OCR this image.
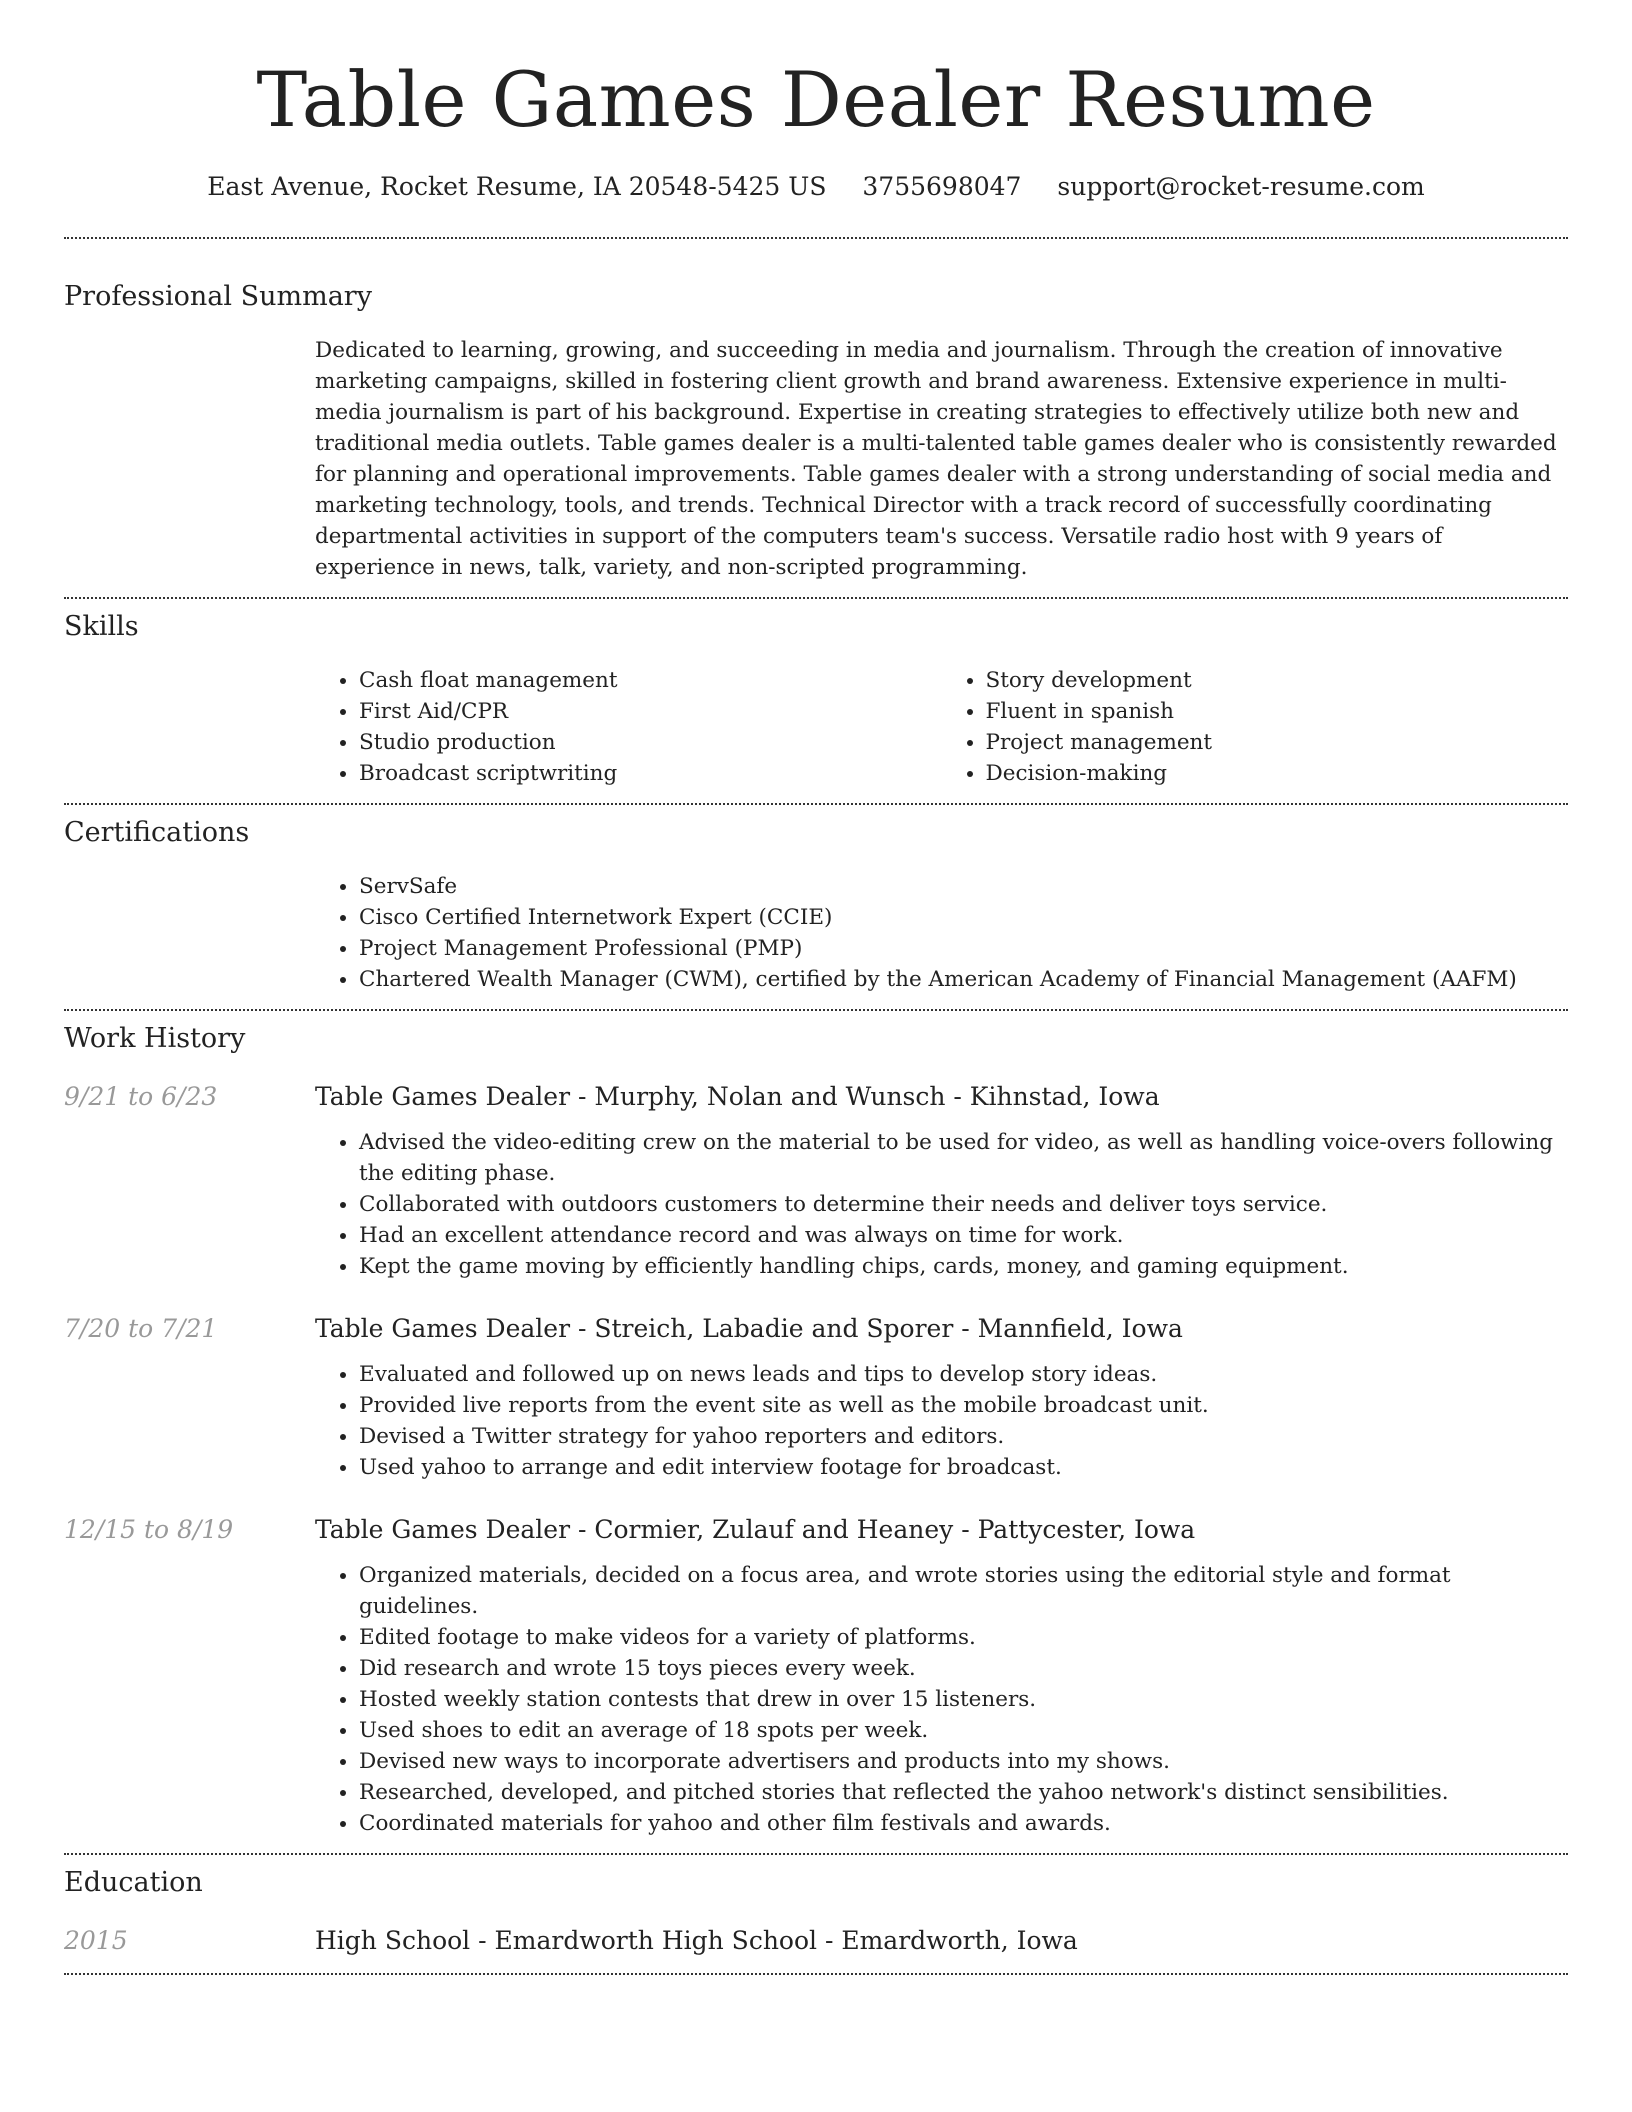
Table Games Dealer Resume
East Avenue, Rocket Resume, IA 20548-5425 US 3755698047 support@rocket-resume.com
Professional Summary

Dedicated to learning, growing, and succeeding in media and journalism. Through the creation of innovative marketing campaigns, skilled in fostering client growth and brand awareness. Extensive experience in multi-media journalism is part of his background. Expertise in creating strategies to effectively utilize both new and traditional media outlets. Table games dealer is a multi-talented table games dealer who is consistently rewarded for planning and operational improvements. Table games dealer with a strong understanding of social media and marketing technology, tools, and trends. Technical Director with a track record of successfully coordinating departmental activities in support of the computers team's success. Versatile radio host with 9 years of experience in news, talk, variety, and non-scripted programming.

Skills
• Cash float management
• First Aid/CPR
• Studio production
• Broadcast scriptwriting
• Story development
• Fluent in spanish
• Project management
• Decision-making
Certifications
• ServSafe
• Cisco Certified Internetwork Expert (CCIE)
• Project Management Professional (PMP)
• Chartered Wealth Manager (CWM), certified by the American Academy of Financial Management (AAFM)
Work History
9/21 to 6/23	Table Games Dealer - Murphy, Nolan and Wunsch - Kihnstad, Iowa
• Advised the video-editing crew on the material to be used for video, as well as handling voice-overs following the editing phase.
• Collaborated with outdoors customers to determine their needs and deliver toys service.
• Had an excellent attendance record and was always on time for work.
• Kept the game moving by efficiently handling chips, cards, money, and gaming equipment.
7/20 to 7/21	Table Games Dealer - Streich, Labadie and Sporer - Mannfield, Iowa
• Evaluated and followed up on news leads and tips to develop story ideas.
• Provided live reports from the event site as well as the mobile broadcast unit.
• Devised a Twitter strategy for yahoo reporters and editors.
• Used yahoo to arrange and edit interview footage for broadcast.
12/15 to 8/19	Table Games Dealer - Cormier, Zulauf and Heaney - Pattycester, Iowa
• Organized materials, decided on a focus area, and wrote stories using the editorial style and format guidelines.
• Edited footage to make videos for a variety of platforms.
• Did research and wrote 15 toys pieces every week.
• Hosted weekly station contests that drew in over 15 listeners.
• Used shoes to edit an average of 18 spots per week.
• Devised new ways to incorporate advertisers and products into my shows.
• Researched, developed, and pitched stories that reflected the yahoo network's distinct sensibilities.
• Coordinated materials for yahoo and other film festivals and awards.
Education
2015	High School - Emardworth High School - Emardworth, Iowa
